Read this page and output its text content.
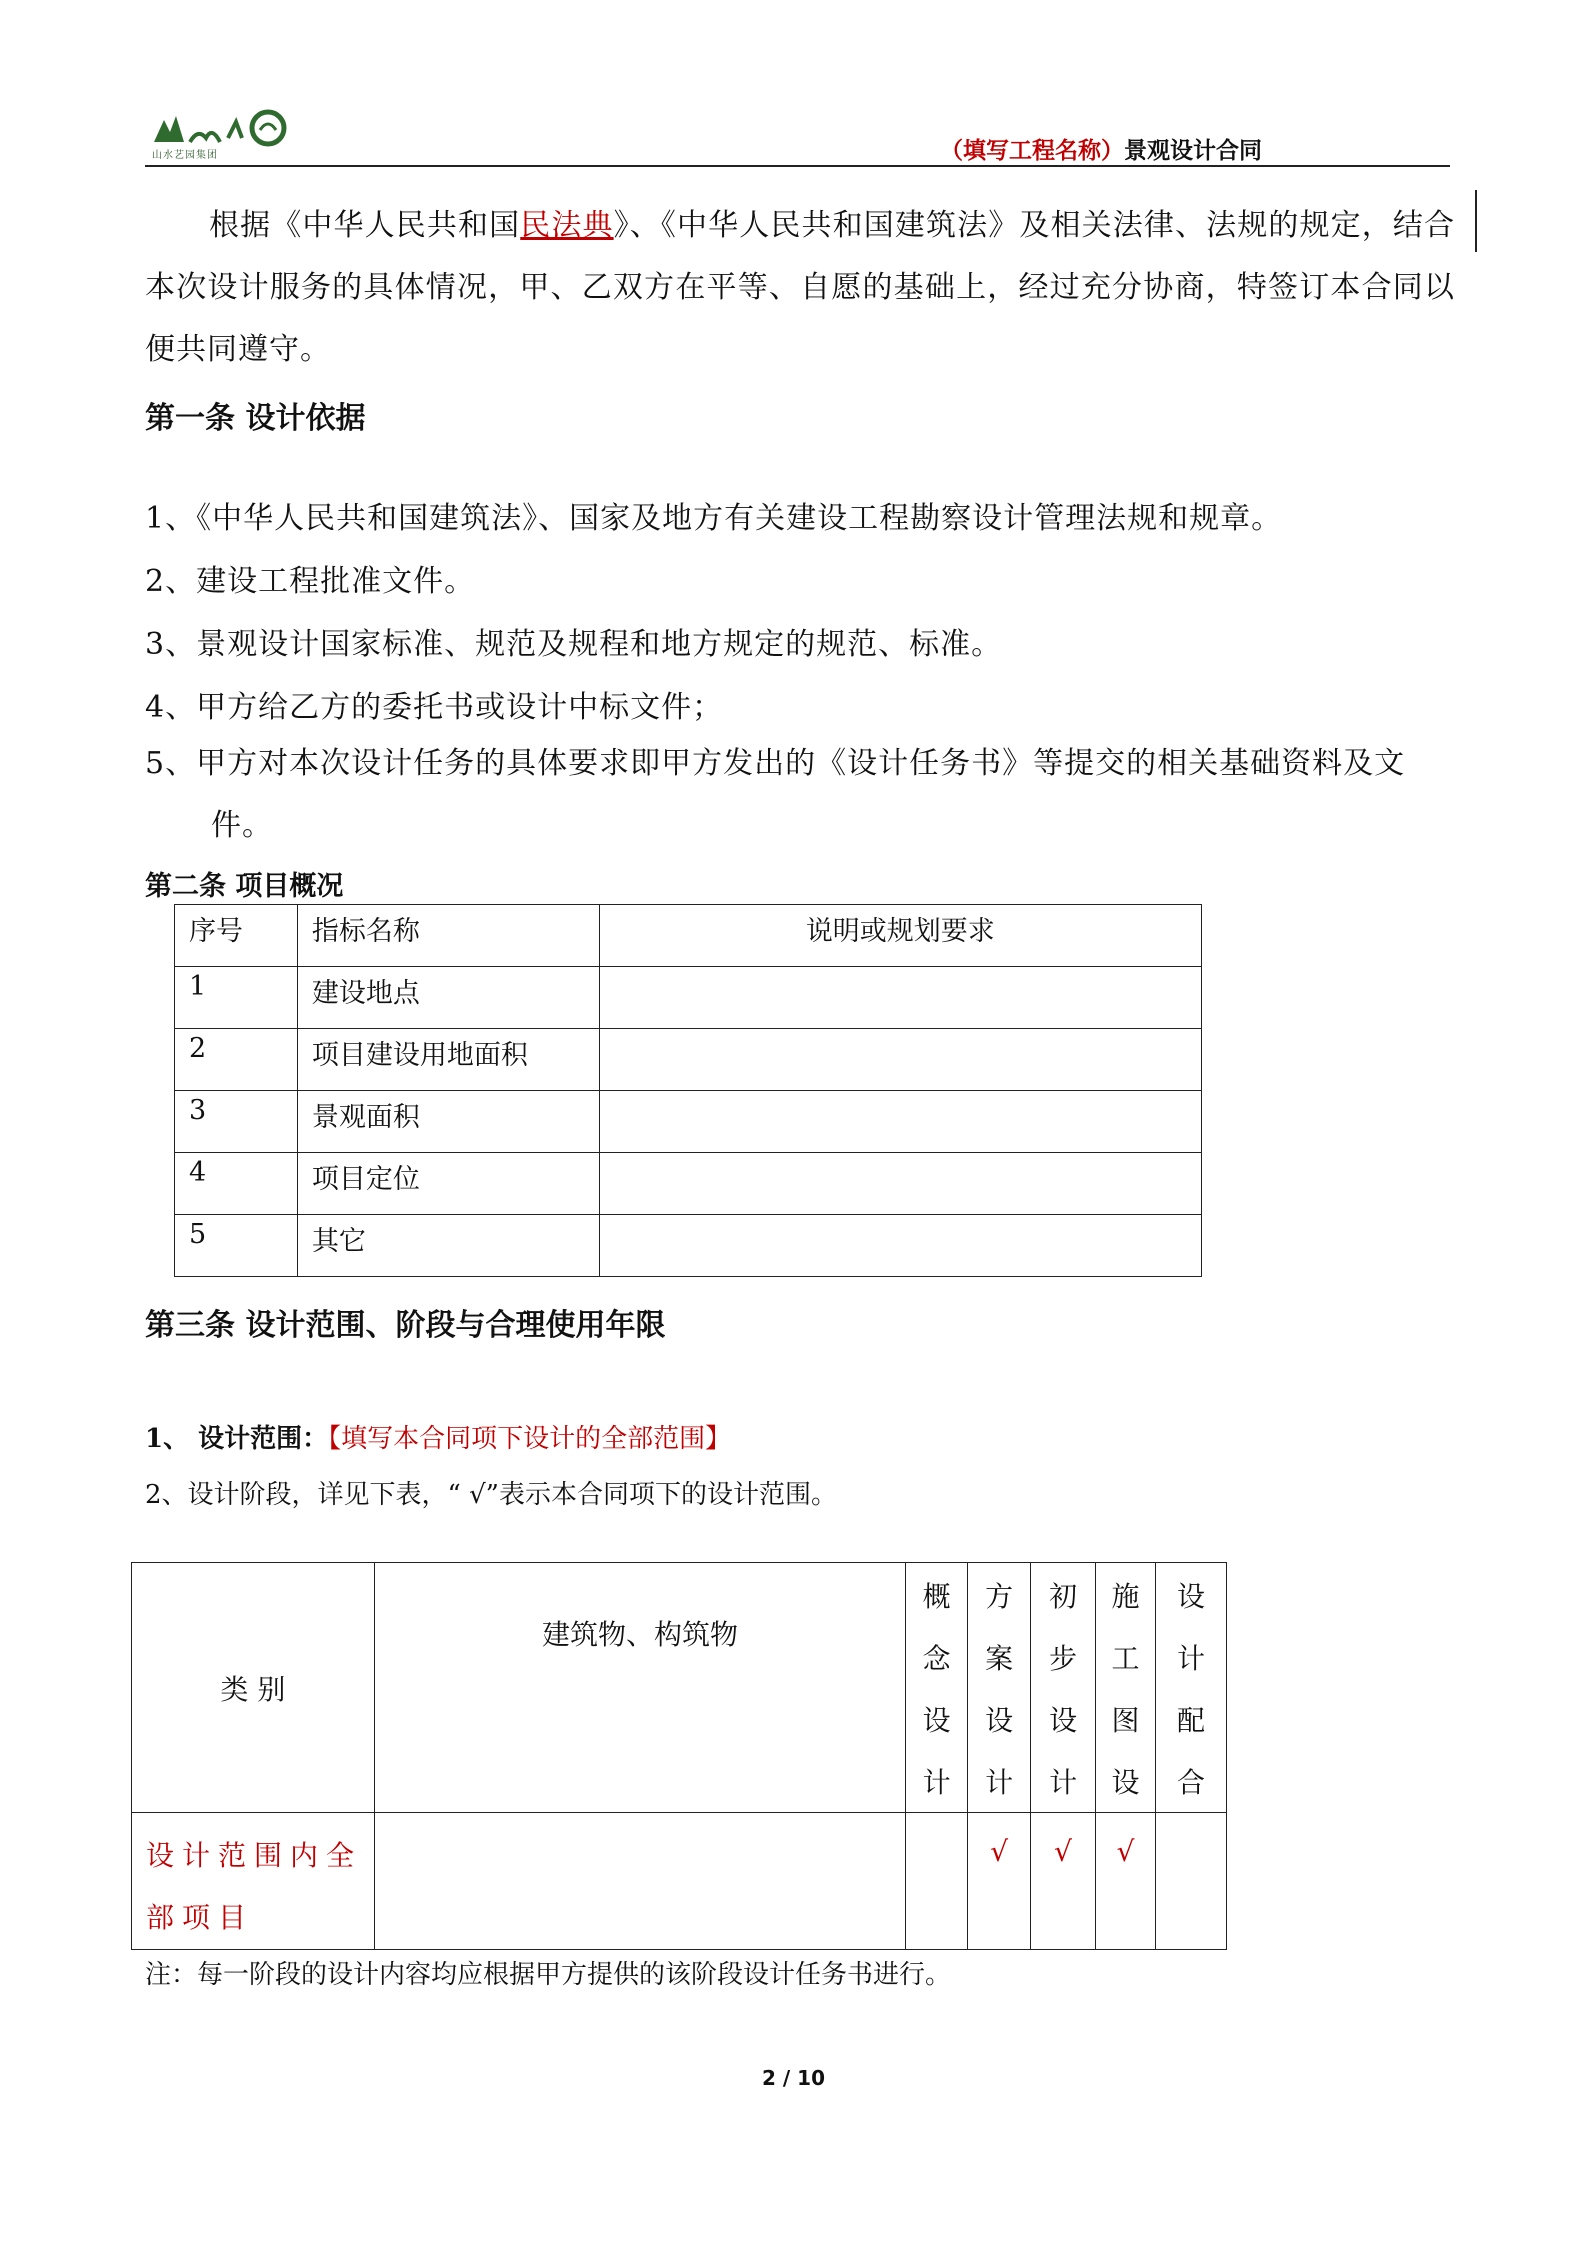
山水艺园集团	（填写工程名称）景观设计合同
根据《中华人民共和国民法典》、《中华人民共和国建筑法》及相关法律、法规的规定，结合本次设计服务的具体情况，甲、乙双方在平等、自愿的基础上，经过充分协商，特签订本合同以便共同遵守。
第一条 设计依据
1、《中华人民共和国建筑法》、国家及地方有关建设工程勘察设计管理法规和规章。
2、建设工程批准文件。
3、景观设计国家标准、规范及规程和地方规定的规范、标准。
4、甲方给乙方的委托书或设计中标文件；
5、甲方对本次设计任务的具体要求即甲方发出的《设计任务书》等提交的相关基础资料及文件。
第二条 项目概况
序号	指标名称	说明或规划要求
1	建设地点	
2	项目建设用地面积	
3	景观面积	
4	项目定位	
5	其它	
第三条 设计范围、阶段与合理使用年限
1、 设计范围：【填写本合同项下设计的全部范围】
2、设计阶段，详见下表，“ √”表示本合同项下的设计范围。
类 别	建筑物、构筑物	概
念
设
计	方
案
设
计	初
步
设
计	施
工
图
设	设
计
配
合

设计范围内全部项目			√	√	√	
注：每一阶段的设计内容均应根据甲方提供的该阶段设计任务书进行。
2 / 10
